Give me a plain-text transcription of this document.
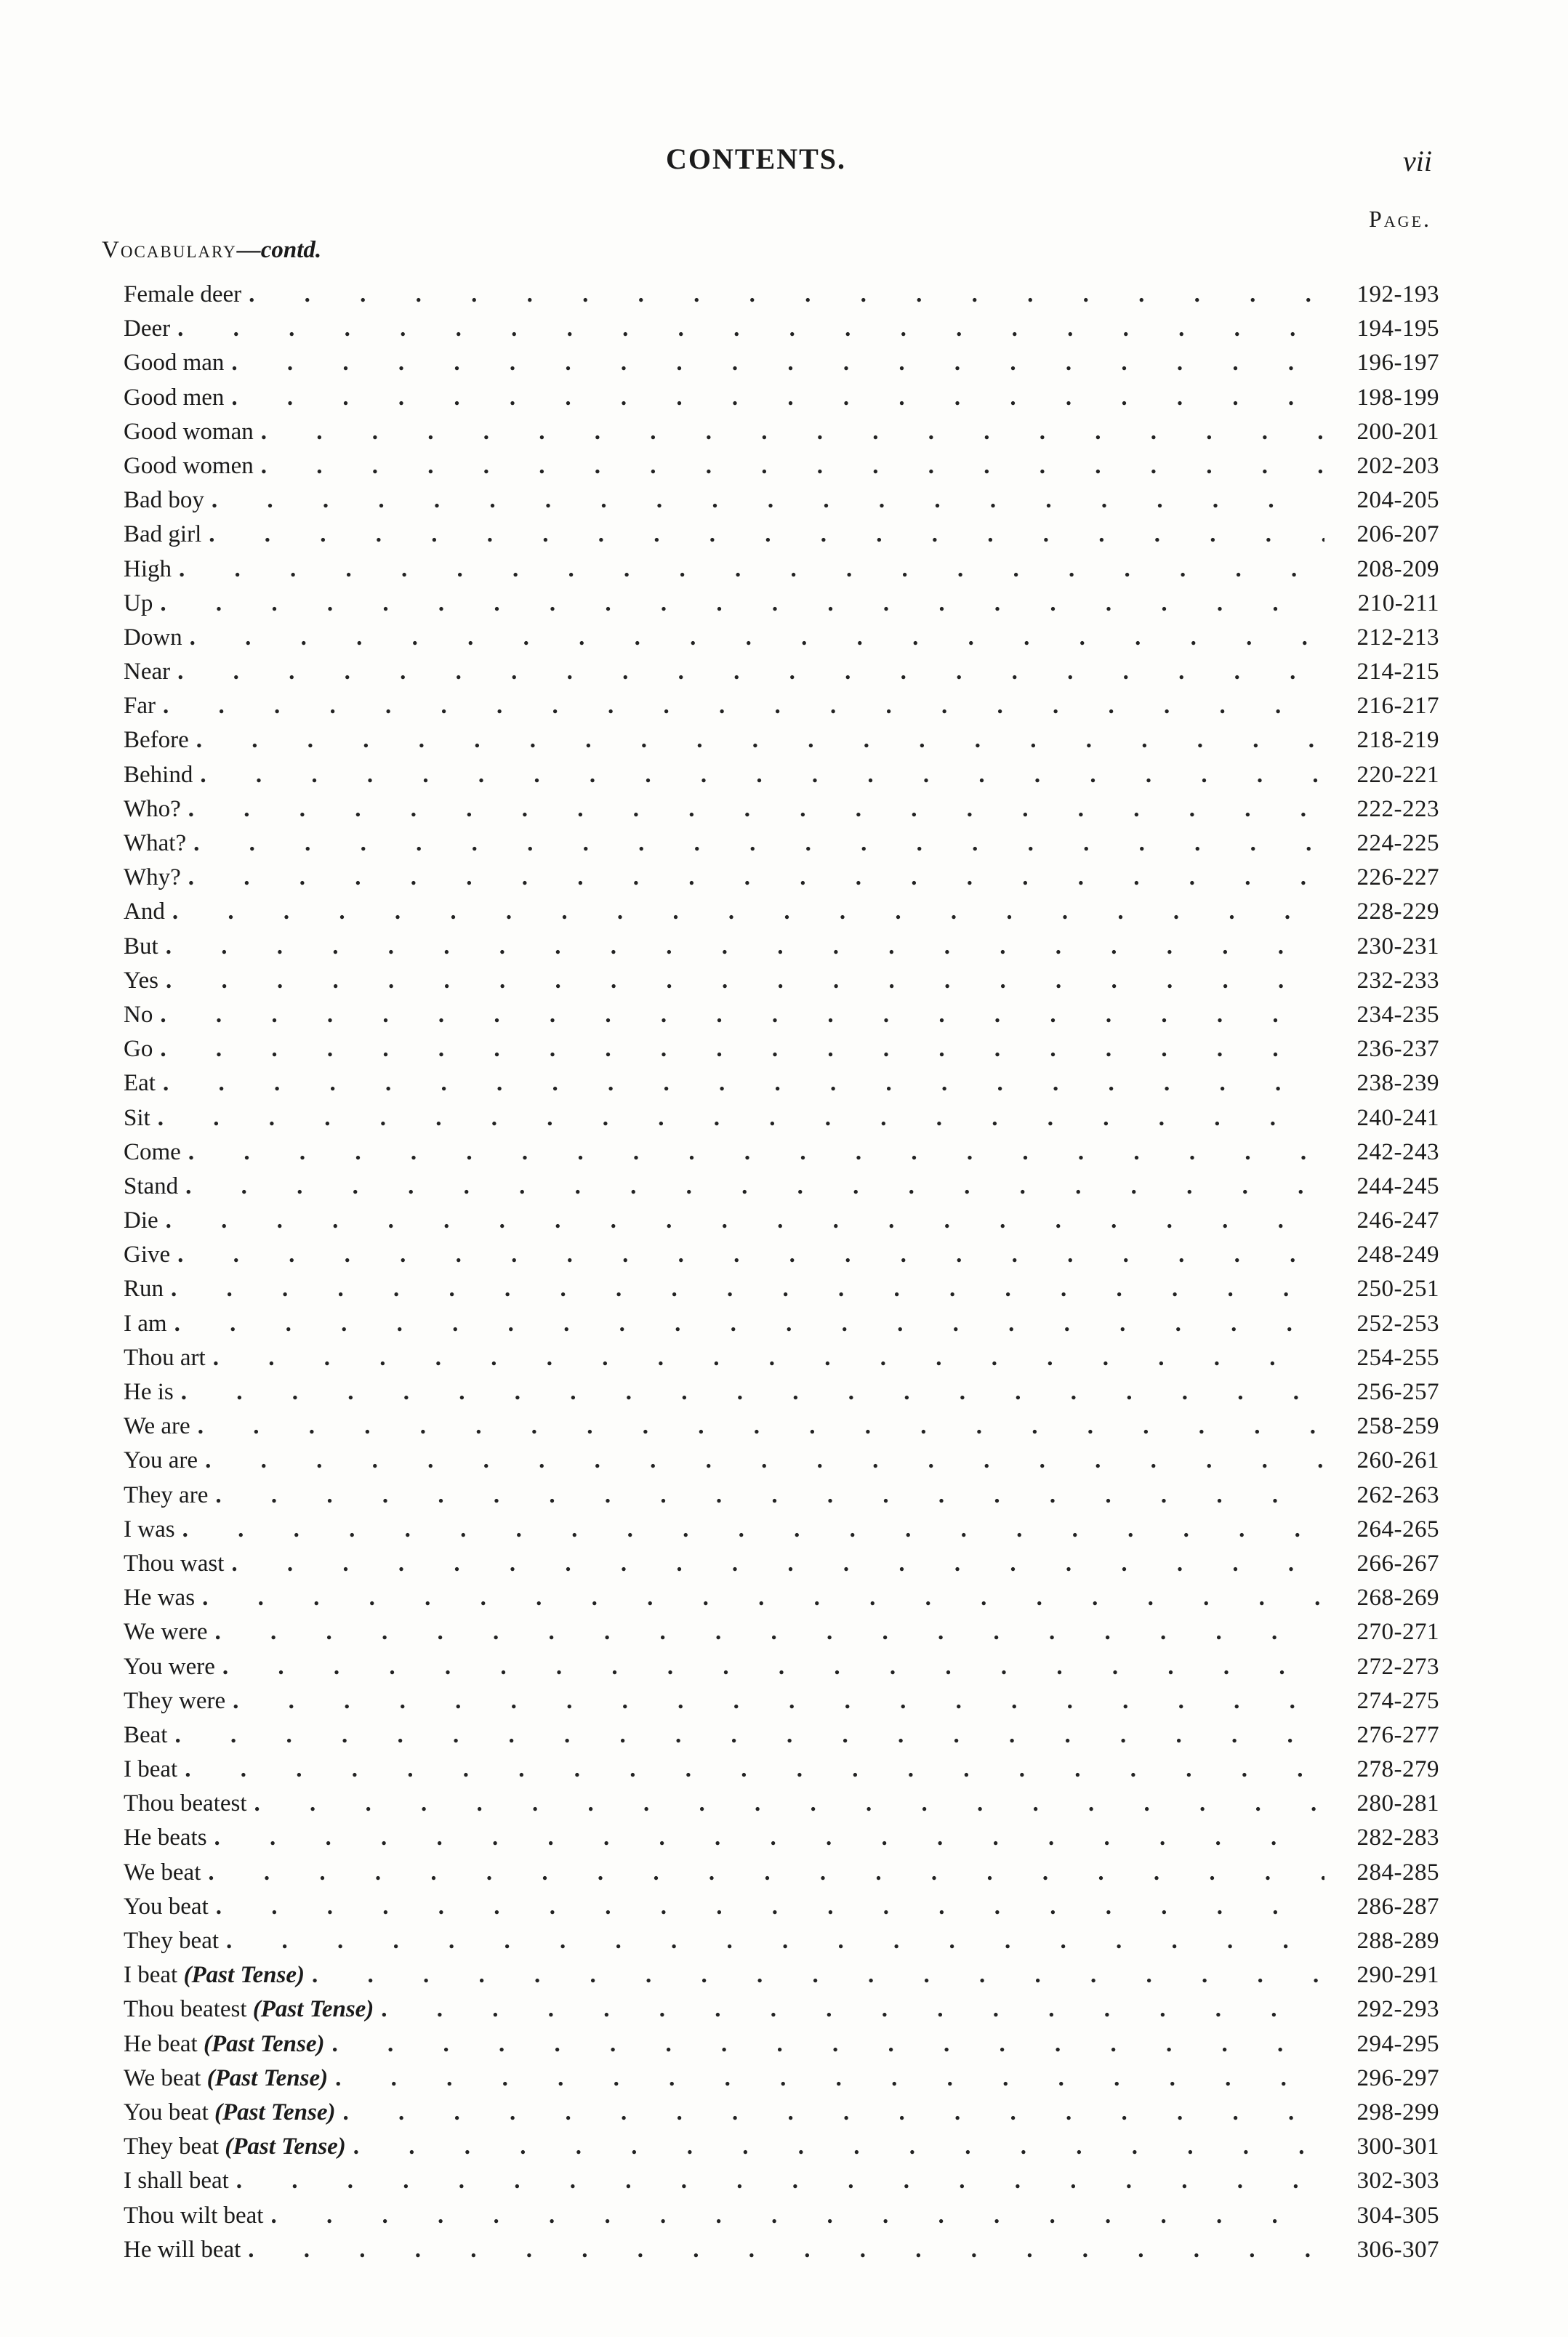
CONTENTS.	vii
Page.
Vocabulary—contd.
Female deer . . .	192-193
Deer . . .	194-195
Good man . . .	196-197
Good men . . .	198-199
Good woman . . .	200-201
Good women . . .	202-203
Bad boy . . .	204-205
Bad girl . . .	206-207
High . . .	208-209
Up . . .	210-211
Down . . .	212-213
Near . . .	214-215
Far . . .	216-217
Before . . .	218-219
Behind . . .	220-221
Who? . . .	222-223
What? . . .	224-225
Why? . . .	226-227
And . . .	228-229
But . . .	230-231
Yes . . .	232-233
No . . .	234-235
Go . . .	236-237
Eat . . .	238-239
Sit . . .	240-241
Come . . .	242-243
Stand . . .	244-245
Die . . .	246-247
Give . . .	248-249
Run . . .	250-251
I am . . .	252-253
Thou art . . .	254-255
He is . . .	256-257
We are . . .	258-259
You are . . .	260-261
They are . . .	262-263
I was . . .	264-265
Thou wast . . .	266-267
He was . . .	268-269
We were . . .	270-271
You were . . .	272-273
They were . . .	274-275
Beat . . .	276-277
I beat . . .	278-279
Thou beatest . . .	280-281
He beats . . .	282-283
We beat . . .	284-285
You beat . . .	286-287
They beat . . .	288-289
I beat (Past Tense) . . .	290-291
Thou beatest (Past Tense) . . .	292-293
He beat (Past Tense) . . .	294-295
We beat (Past Tense) . . .	296-297
You beat (Past Tense) . . .	298-299
They beat (Past Tense) . . .	300-301
I shall beat . . .	302-303
Thou wilt beat . . .	304-305
He will beat . . .	306-307
